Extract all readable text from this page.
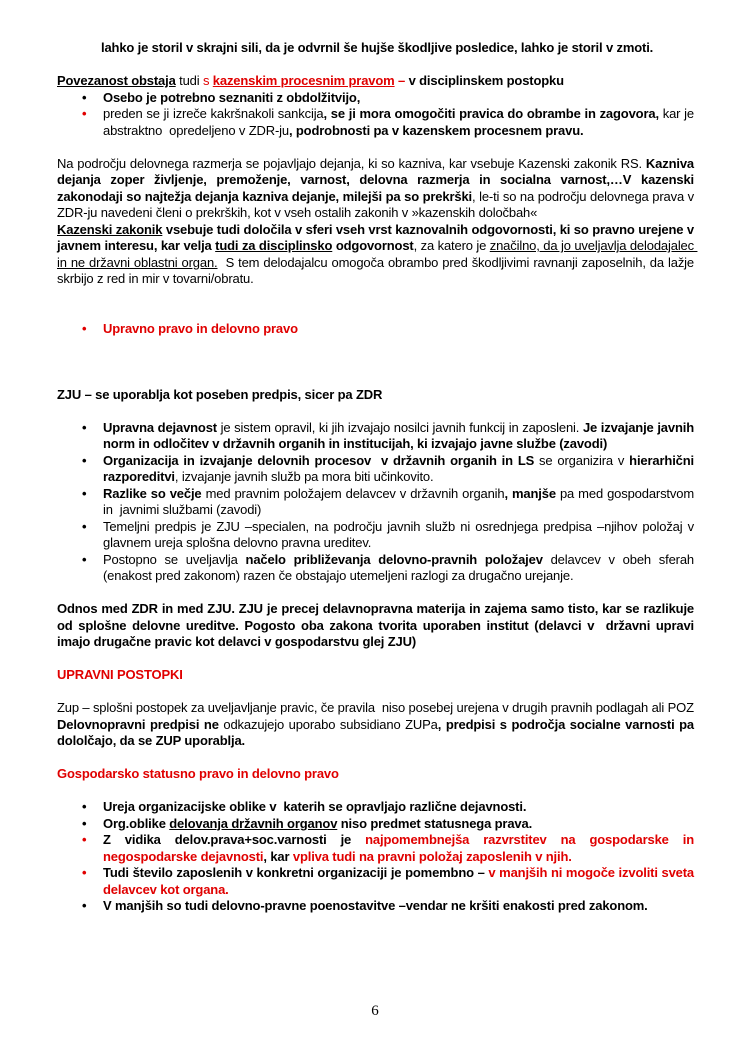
lahko je storil v skrajni sili, da je odvrnil še hujše škodljive posledice, lahko je storil v zmoti.
Povezanost obstaja tudi s kazenskim procesnim pravom – v disciplinskem postopku
•	Osebo je potrebno seznaniti z obdolžitvijo,
•	preden se ji izreče kakršnakoli sankcija, se ji mora omogočiti pravica do obrambe in zagovora, kar je abstraktno  opredeljeno v ZDR-ju, podrobnosti pa v kazenskem procesnem pravu.
Na področju delovnega razmerja se pojavljajo dejanja, ki so kazniva, kar vsebuje Kazenski zakonik RS. Kazniva dejanja zoper življenje, premoženje, varnost, delovna razmerja in socialna varnost,…V kazenski zakonodaji so najtežja dejanja kazniva dejanje, milejši pa so prekrški, le-ti so na področju delovnega prava v ZDR-ju navedeni členi o prekrških, kot v vseh ostalih zakonih v »kazenskih določbah«
Kazenski zakonik vsebuje tudi določila v sferi vseh vrst kaznovalnih odgovornosti, ki so pravno urejene v javnem interesu, kar velja tudi za disciplinsko odgovornost, za katero je značilno, da jo uveljavlja delodajalec in ne državni oblastni organ.  S tem delodajalcu omogoča obrambo pred škodljivimi ravnanji zaposelnih, da lažje skrbijo z red in mir v tovarni/obratu.
•	Upravno pravo in delovno pravo
ZJU – se uporablja kot poseben predpis, sicer pa ZDR
•	Upravna dejavnost je sistem opravil, ki jih izvajajo nosilci javnih funkcij in zaposleni. Je izvajanje javnih norm in odločitev v državnih organih in institucijah, ki izvajajo javne službe (zavodi)
•	Organizacija in izvajanje delovnih procesov  v državnih organih in LS se organizira v hierarhični razporeditvi, izvajanje javnih služb pa mora biti učinkovito.
•	Razlike so večje med pravnim položajem delavcev v državnih organih, manjše pa med gospodarstvom in  javnimi službami (zavodi)
•	Temeljni predpis je ZJU –specialen, na področju javnih služb ni osrednjega predpisa –njihov položaj v glavnem ureja splošna delovno pravna ureditev.
•	Postopno se uveljavlja načelo približevanja delovno-pravnih položajev delavcev v obeh sferah (enakost pred zakonom) razen če obstajajo utemeljeni razlogi za drugačno urejanje.
Odnos med ZDR in med ZJU. ZJU je precej delavnopravna materija in zajema samo tisto, kar se razlikuje od splošne delovne ureditve. Pogosto oba zakona tvorita uporaben institut (delavci v  državni upravi  imajo drugačne pravic kot delavci v gospodarstvu glej ZJU)
UPRAVNI POSTOPKI
Zup – splošni postopek za uveljavljanje pravic, če pravila  niso posebej urejena v drugih pravnih podlagah ali POZ
Delovnopravni predpisi ne odkazujejo uporabo subsidiano ZUPa, predpisi s področja socialne varnosti pa  dololčajo, da se ZUP uporablja.
Gospodarsko statusno pravo in delovno pravo
•	Ureja organizacijske oblike v  katerih se opravljajo različne dejavnosti.
•	Org.oblike delovanja državnih organov niso predmet statusnega prava.
•	Z vidika delov.prava+soc.varnosti je najpomembnejša razvrstitev na gospodarske in negospodarske dejavnosti, kar vpliva tudi na pravni položaj zaposlenih v njih.
•	Tudi število zaposlenih v konkretni organizaciji je pomembno – v manjših ni mogoče izvoliti sveta delavcev kot organa.
•	V manjših so tudi delovno-pravne poenostavitve –vendar ne kršiti enakosti pred zakonom.
6
